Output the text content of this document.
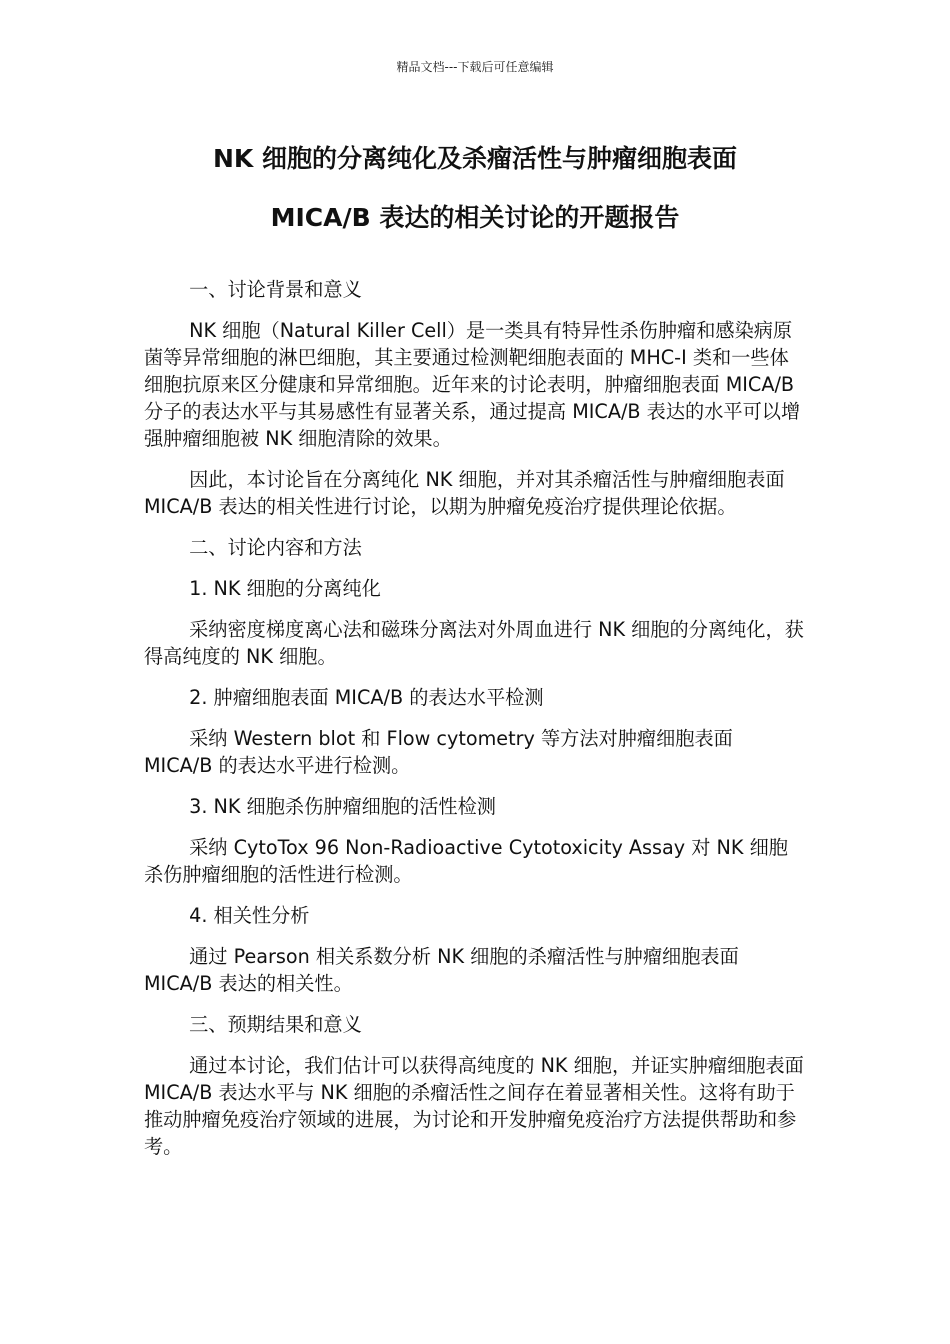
精品文档---下载后可任意编辑
NK 细胞的分离纯化及杀瘤活性与肿瘤细胞表面
MICA/B 表达的相关讨论的开题报告

一、讨论背景和意义

NK 细胞（Natural Killer Cell）是一类具有特异性杀伤肿瘤和感染病原菌等异常细胞的淋巴细胞，其主要通过检测靶细胞表面的 MHC-I 类和一些体细胞抗原来区分健康和异常细胞。近年来的讨论表明，肿瘤细胞表面 MICA/B 分子的表达水平与其易感性有显著关系，通过提高 MICA/B 表达的水平可以增强肿瘤细胞被 NK 细胞清除的效果。

因此，本讨论旨在分离纯化 NK 细胞，并对其杀瘤活性与肿瘤细胞表面 MICA/B 表达的相关性进行讨论，以期为肿瘤免疫治疗提供理论依据。

二、讨论内容和方法

1. NK 细胞的分离纯化

采纳密度梯度离心法和磁珠分离法对外周血进行 NK 细胞的分离纯化，获得高纯度的 NK 细胞。

2. 肿瘤细胞表面 MICA/B 的表达水平检测

采纳 Western blot 和 Flow cytometry 等方法对肿瘤细胞表面 MICA/B 的表达水平进行检测。

3. NK 细胞杀伤肿瘤细胞的活性检测

采纳 CytoTox 96 Non-Radioactive Cytotoxicity Assay 对 NK 细胞杀伤肿瘤细胞的活性进行检测。

4. 相关性分析

通过 Pearson 相关系数分析 NK 细胞的杀瘤活性与肿瘤细胞表面 MICA/B 表达的相关性。

三、预期结果和意义

通过本讨论，我们估计可以获得高纯度的 NK 细胞，并证实肿瘤细胞表面 MICA/B 表达水平与 NK 细胞的杀瘤活性之间存在着显著相关性。这将有助于推动肿瘤免疫治疗领域的进展，为讨论和开发肿瘤免疫治疗方法提供帮助和参考。
